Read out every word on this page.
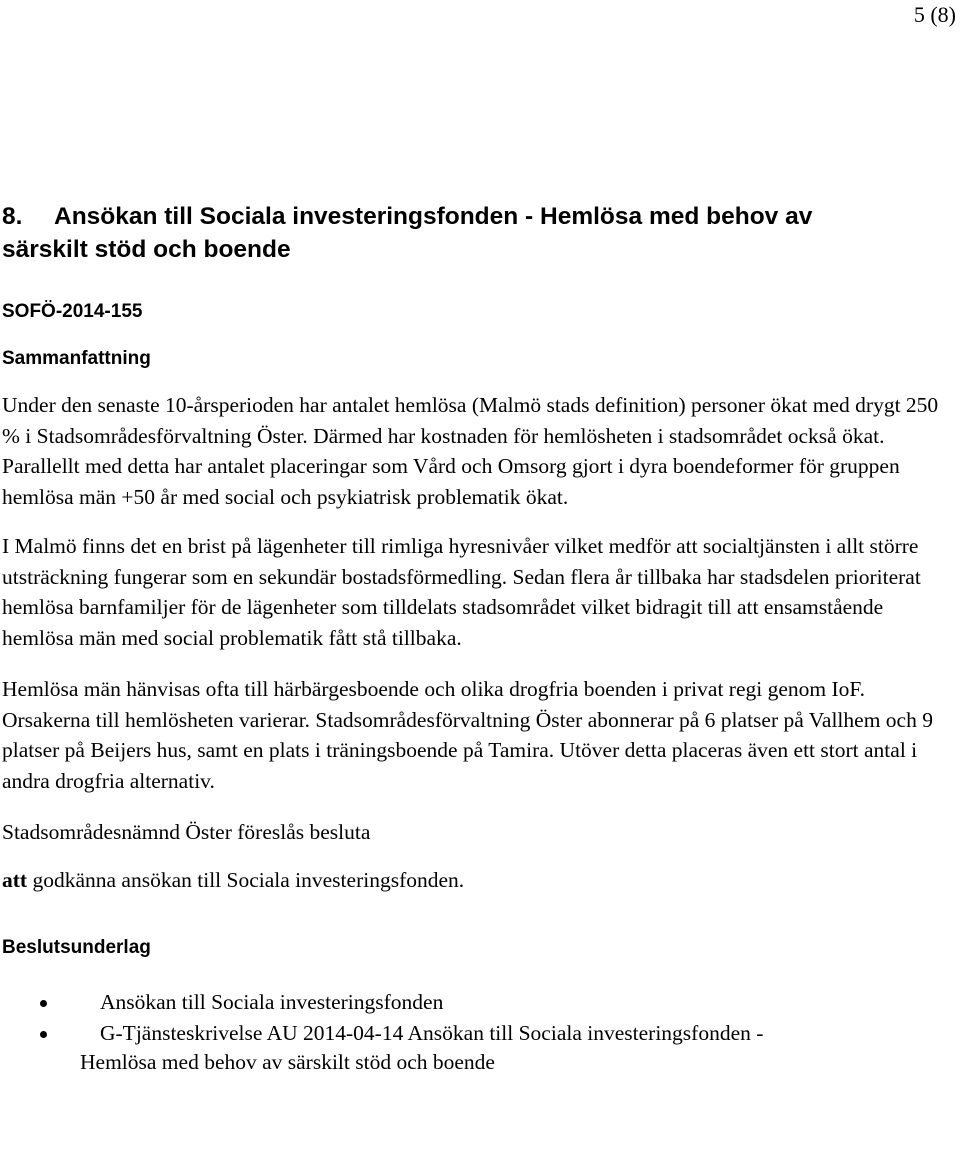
5 (8)
8.	Ansökan till Sociala investeringsfonden - Hemlösa med behov av
särskilt stöd och boende
SOFÖ-2014-155
Sammanfattning

Under den senaste 10-årsperioden har antalet hemlösa (Malmö stads definition) personer ökat med drygt 250 % i Stadsområdesförvaltning Öster. Därmed har kostnaden för hemlösheten i stadsområdet också ökat. Parallellt med detta har antalet placeringar som Vård och Omsorg gjort i dyra boendeformer för gruppen hemlösa män +50 år med social och psykiatrisk problematik ökat.

I Malmö finns det en brist på lägenheter till rimliga hyresnivåer vilket medför att socialtjänsten i allt större utsträckning fungerar som en sekundär bostadsförmedling. Sedan flera år tillbaka har stadsdelen prioriterat hemlösa barnfamiljer för de lägenheter som tilldelats stadsområdet vilket bidragit till att ensamstående hemlösa män med social problematik fått stå tillbaka.

Hemlösa män hänvisas ofta till härbärgesboende och olika drogfria boenden i privat regi genom IoF. Orsakerna till hemlösheten varierar. Stadsområdesförvaltning Öster abonnerar på 6 platser på Vallhem och 9 platser på Beijers hus, samt en plats i träningsboende på Tamira. Utöver detta placeras även ett stort antal i andra drogfria alternativ.

Stadsområdesnämnd Öster föreslås besluta

att godkänna ansökan till Sociala investeringsfonden.

Beslutsunderlag
Ansökan till Sociala investeringsfonden
G-Tjänsteskrivelse AU 2014-04-14 Ansökan till Sociala investeringsfonden -
Hemlösa med behov av särskilt stöd och boende
